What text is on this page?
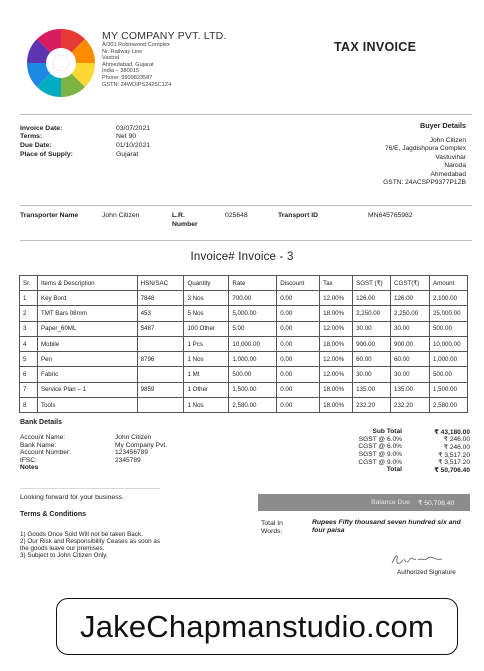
MY COMPANY PVT. LTD.
A/301 Robinwood Complex
Nr. Railway Line
Vastral
Ahmedabad, Gujarat
India – 380015
Phone: 9909823587
GSTN: 24WDIPS2425C1Z4
TAX INVOICE
Invoice Date:	03/07/2021
Terms:	Net 90
Due Date:	01/10/2021
Place of Supply:	Gujarat
Buyer Details
John Citizen
76/E, Jagdishpura Complex
Vastuvihar
Naroda
Ahmedabad
GSTN: 24ACSPP9377P1ZB
Transporter Name	John Citizen	L.R. Number
025648	Transport ID	MN645765982
Invoice# Invoice - 3
Sr.	Items & Description	HSN/SAC	Quantity	Rate	Discount	Tax	SGST (₹)	CGST(₹)	Amount
1	Key Bord	7848	3 Nos	700.00	0.00	12.00%	126.00	126.00	2,100.00
2	TMT Bars 08mm	453	5 Nos	5,000.00	0.00	18.00%	2,250.00	2,250.00	25,000.00
3	Paper_60ML	5487	100 Other	5.00	0.00	12.00%	30.00	30.00	500.00
4	Mobile		1 Pcs	10,000.00	0.00	18.00%	900.00	900.00	10,000.00
5	Pen	8796	1 Nos	1,000.00	0.00	12.00%	60.00	60.00	1,000.00
6	Fabric		1 Mt	500.00	0.00	12.00%	30.00	30.00	500.00
7	Service Plan – 1	9859	1 Other	1,500.00	0.00	18.00%	135.00	135.00	1,500.00
8	Tools		1 Nos	2,580.00	0.00	18.00%	232.20	232.20	2,580.00
Bank Details
Account Name:	John Citizen
Bank Name:	My Company Pvt.
Account Number:	123456789
IFSC:	2345789
Notes
Sub Total	₹ 43,180.00
SGST @ 6.0%	₹ 246.00
CGST @ 6.0%	₹ 246.00
SGST @ 9.0%	₹ 3,517.20
CGST @ 9.0%	₹ 3,517.20
Total	₹ 50,706.40
Looking forward for your business.
Terms & Conditions
1) Goods Once Sold Will not be taken Back.
2) Our Risk and Responsibility Ceases as soon as the goods leave our premises.
3) Subject to John Citizen Only.
Balance Due	₹ 50,706.40
Total In Words:
Rupees Fifty thousand seven hundred six and four paisa
Authorized Signature
JakeChapmanstudio.com
